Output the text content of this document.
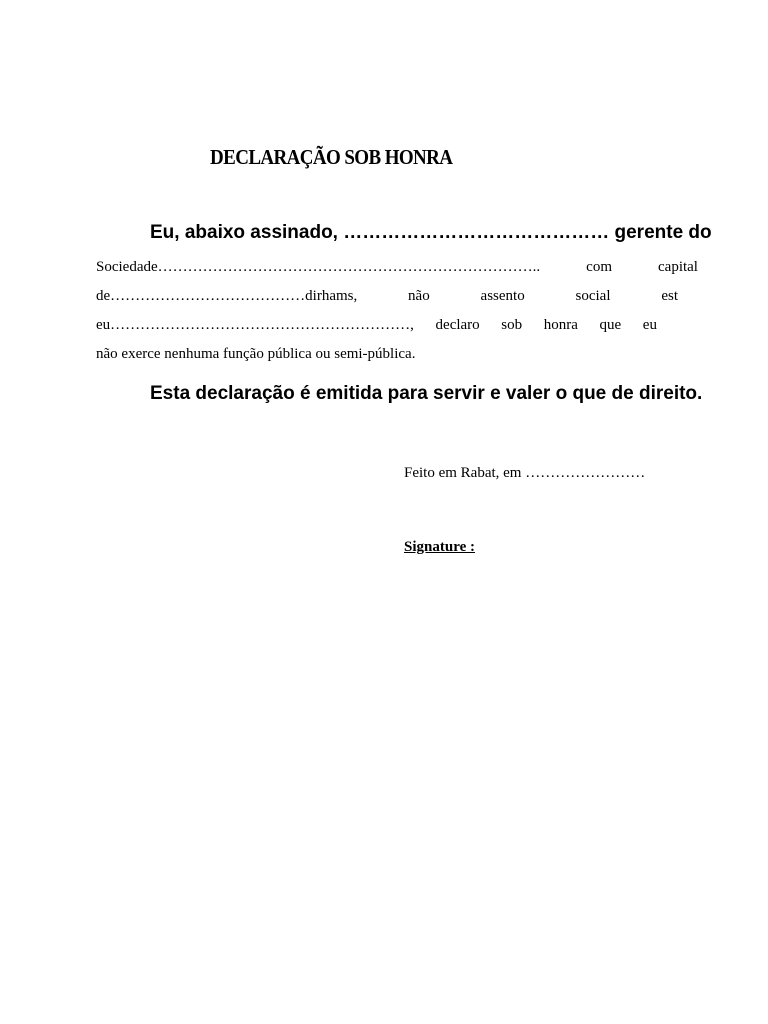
DECLARAÇÃO SOB HONRA
Eu, abaixo assinado, …………………………………… gerente do
Sociedade…………………………………………………………………..	com	capital
de…………………………………dirhams,	não	assento	social	est
eu……………………………………………………, declaro sob honra que eu
não exerce nenhuma função pública ou semi-pública.
Esta declaração é emitida para servir e valer o que de direito.
Feito em Rabat, em ……………………
Signature :
